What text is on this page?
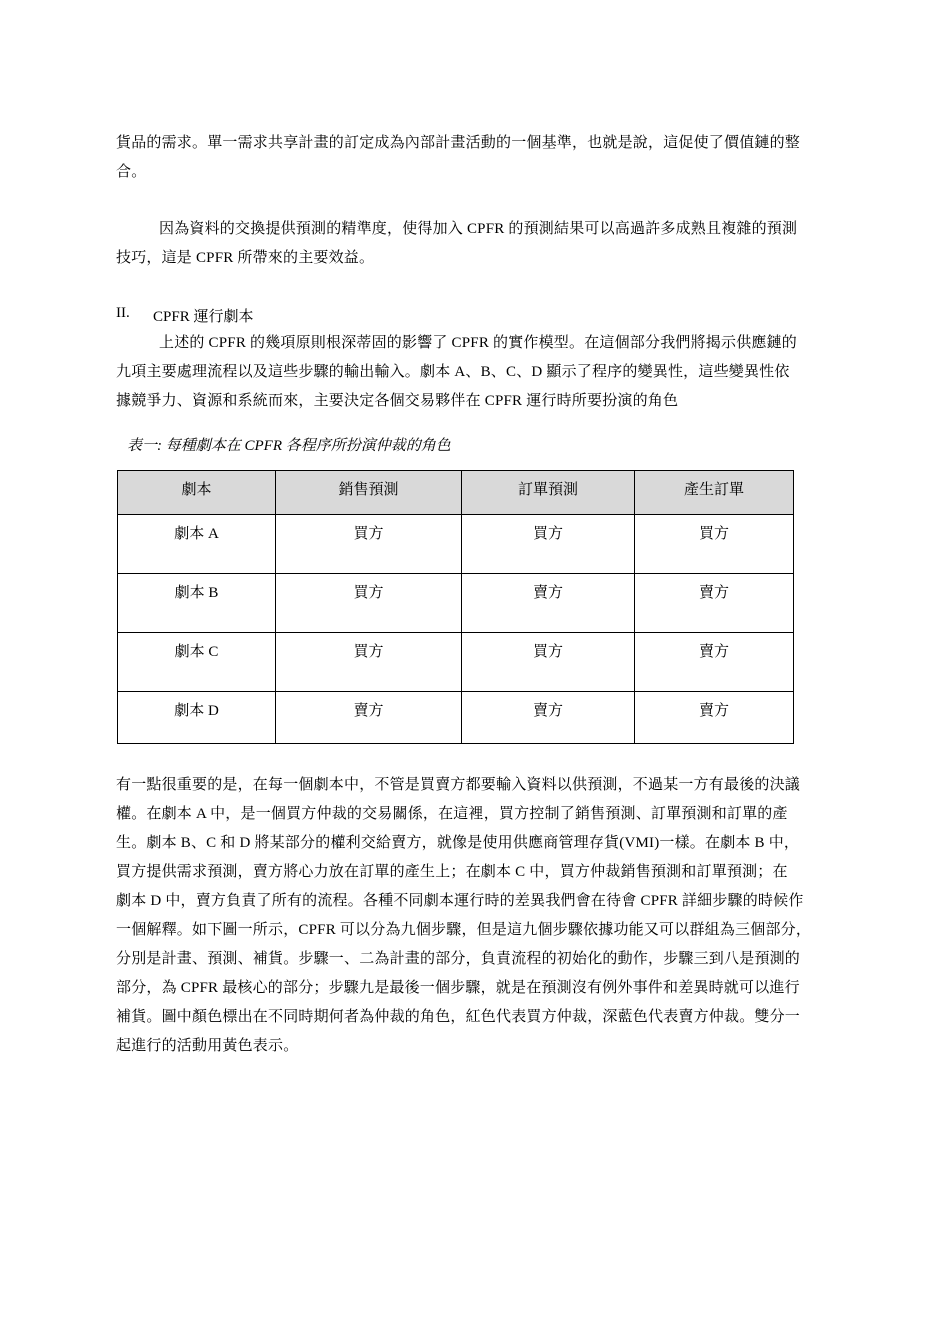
貨品的需求。單一需求共享計畫的訂定成為內部計畫活動的一個基準，也就是說，這促使了價值鏈的整
合。
因為資料的交換提供預測的精準度，使得加入 CPFR 的預測結果可以高過許多成熟且複雜的預測
技巧，這是 CPFR 所帶來的主要效益。
II. CPFR 運行劇本
上述的 CPFR 的幾項原則根深蒂固的影響了 CPFR 的實作模型。在這個部分我們將揭示供應鏈的
九項主要處理流程以及這些步驟的輸出輸入。劇本 A、B、C、D 顯示了程序的變異性，這些變異性依
據競爭力、資源和系統而來，主要決定各個交易夥伴在 CPFR 運行時所要扮演的角色
表一: 每種劇本在 CPFR 各程序所扮演仲裁的角色
劇本	銷售預測	訂單預測	產生訂單
劇本 A	買方	買方	買方
劇本 B	買方	賣方	賣方
劇本 C	買方	買方	賣方
劇本 D	賣方	賣方	賣方
有一點很重要的是，在每一個劇本中，不管是買賣方都要輸入資料以供預測，不過某一方有最後的決議
權。在劇本 A 中，是一個買方仲裁的交易關係，在這裡，買方控制了銷售預測、訂單預測和訂單的產
生。劇本 B、C 和 D 將某部分的權利交給賣方，就像是使用供應商管理存貨(VMI)一樣。在劇本 B 中，
買方提供需求預測，賣方將心力放在訂單的產生上；在劇本 C 中，買方仲裁銷售預測和訂單預測；在
劇本 D 中，賣方負責了所有的流程。各種不同劇本運行時的差異我們會在待會 CPFR 詳細步驟的時候作
一個解釋。如下圖一所示，CPFR 可以分為九個步驟，但是這九個步驟依據功能又可以群組為三個部分，
分別是計畫、預測、補貨。步驟一、二為計畫的部分，負責流程的初始化的動作，步驟三到八是預測的
部分，為 CPFR 最核心的部分；步驟九是最後一個步驟，就是在預測沒有例外事件和差異時就可以進行
補貨。圖中顏色標出在不同時期何者為仲裁的角色，紅色代表買方仲裁，深藍色代表賣方仲裁。雙分一
起進行的活動用黃色表示。
